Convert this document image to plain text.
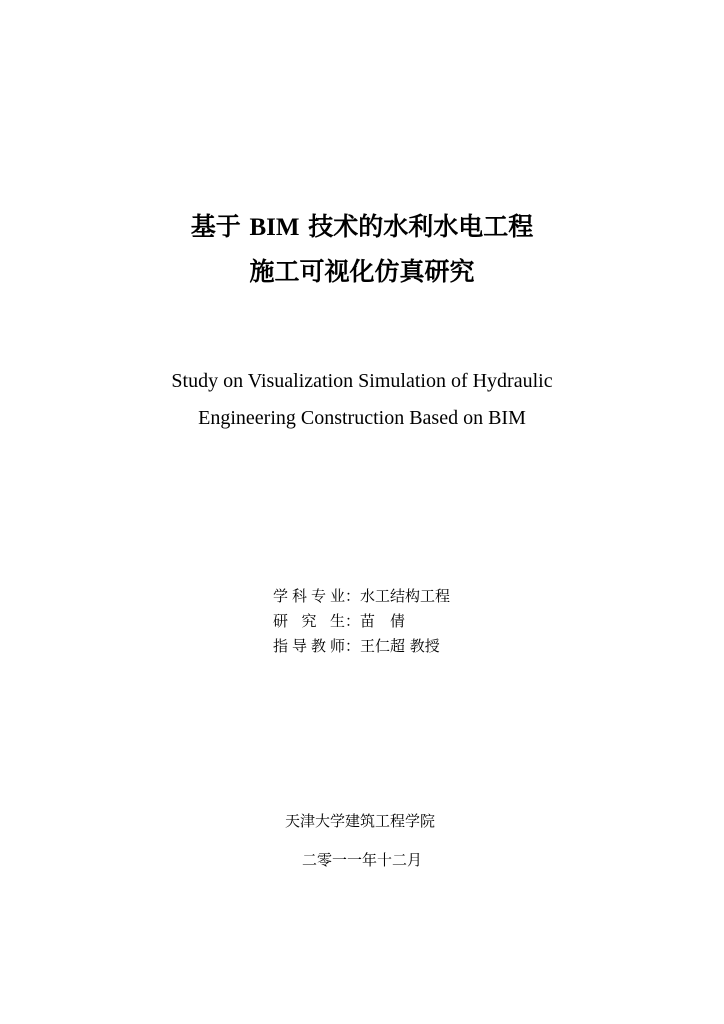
基于 BIM 技术的水利水电工程
施工可视化仿真研究
Study on Visualization Simulation of Hydraulic
Engineering Construction Based on BIM
学科专业：水工结构工程
研究生：苗　倩
指导教师：王仁超 教授
天津大学建筑工程学院
二零一一年十二月
